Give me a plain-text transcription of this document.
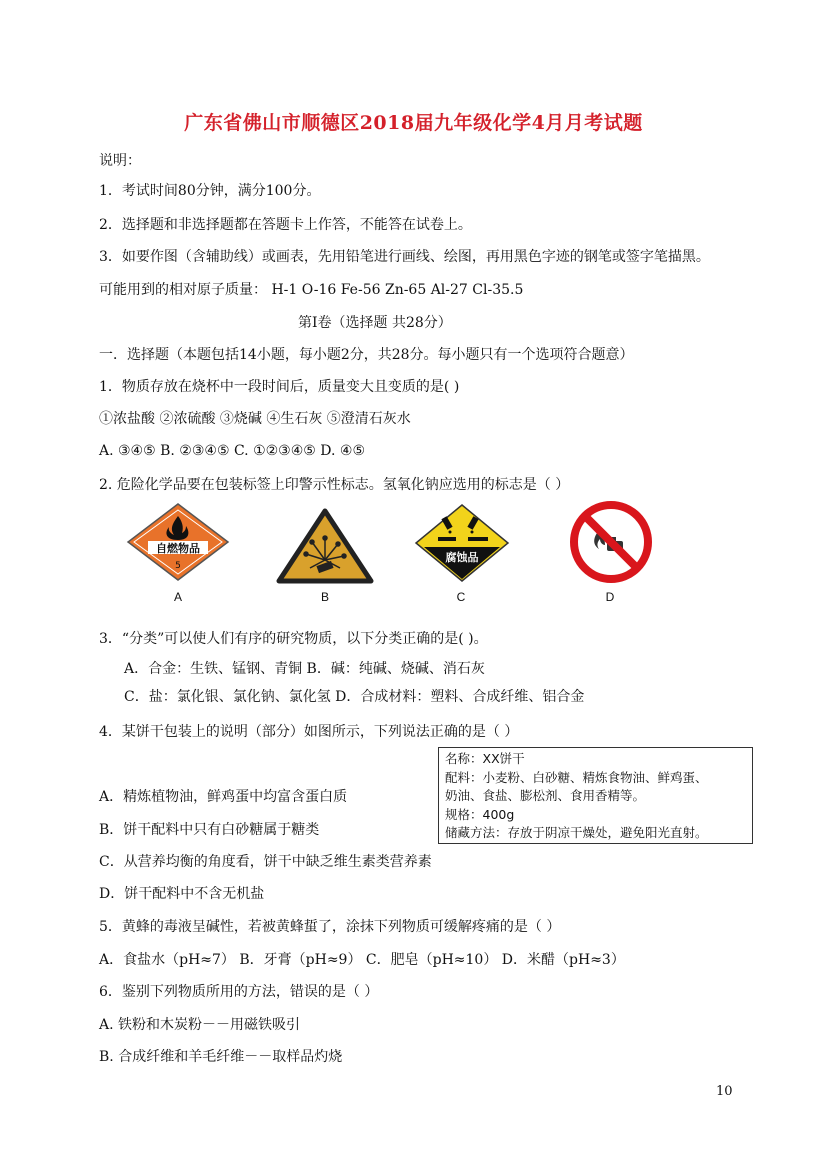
广东省佛山市顺德区2018届九年级化学4月月考试题
说明：
1．考试时间80分钟，满分100分。
2．选择题和非选择题都在答题卡上作答，不能答在试卷上。
3．如要作图（含辅助线）或画表，先用铅笔进行画线、绘图，再用黑色字迹的钢笔或签字笔描黑。
可能用到的相对原子质量： H-1 O-16 Fe-56 Zn-65 Al-27 Cl-35.5
第Ⅰ卷（选择题 共28分）
一．选择题（本题包括14小题，每小题2分，共28分。每小题只有一个选项符合题意）
1．物质存放在烧杯中一段时间后，质量变大且变质的是( )
①浓盐酸 ②浓硫酸 ③烧碱 ④生石灰 ⑤澄清石灰水
A. ③④⑤ B. ②③④⑤ C. ①②③④⑤ D. ④⑤
2. 危险化学品要在包装标签上印警示性标志。氢氧化钠应选用的标志是（ ）
自燃物品
5
A	B
腐蚀品
C	D
3．“分类”可以使人们有序的研究物质，以下分类正确的是( )。
A．合金：生铁、锰钢、青铜 B．碱：纯碱、烧碱、消石灰
C．盐：氯化银、氯化钠、氯化氢 D．合成材料：塑料、合成纤维、铝合金
4．某饼干包装上的说明（部分）如图所示，下列说法正确的是（ ）
名称：XX饼干
配料：小麦粉、白砂糖、精炼食物油、鲜鸡蛋、
奶油、食盐、膨松剂、食用香精等。
规格：400g
储藏方法：存放于阴凉干燥处，避免阳光直射。
A．精炼植物油，鲜鸡蛋中均富含蛋白质
B．饼干配料中只有白砂糖属于糖类
C．从营养均衡的角度看，饼干中缺乏维生素类营养素
D．饼干配料中不含无机盐
5．黄蜂的毒液呈碱性，若被黄蜂蜇了，涂抹下列物质可缓解疼痛的是（ ）
A．食盐水（pH≈7） B．牙膏（pH≈9） C．肥皂（pH≈10） D．米醋（pH≈3）
6．鉴别下列物质所用的方法，错误的是（ ）
A. 铁粉和木炭粉－－用磁铁吸引
B. 合成纤维和羊毛纤维－－取样品灼烧
10
